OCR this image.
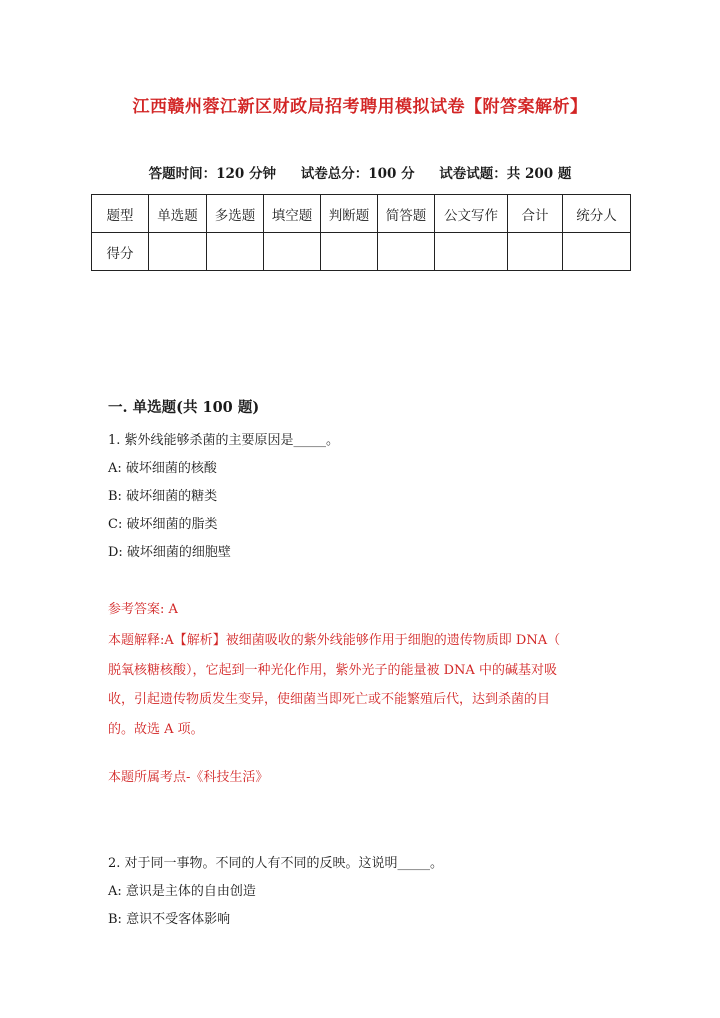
江西赣州蓉江新区财政局招考聘用模拟试卷【附答案解析】
答题时间：120 分钟 试卷总分：100 分 试卷试题：共 200 题
题型	单选题	多选题	填空题	判断题	简答题	公文写作	合计	统分人
得分								
一. 单选题(共 100 题)
1. 紫外线能够杀菌的主要原因是_____。
A: 破坏细菌的核酸
B: 破坏细菌的糖类
C: 破坏细菌的脂类
D: 破坏细菌的细胞壁
参考答案: A
本题解释:A【解析】被细菌吸收的紫外线能够作用于细胞的遗传物质即 DNA（
脱氧核糖核酸），它起到一种光化作用，紫外光子的能量被 DNA 中的碱基对吸
收，引起遗传物质发生变异，使细菌当即死亡或不能繁殖后代，达到杀菌的目
的。故选 A 项。
本题所属考点-《科技生活》
2. 对于同一事物。不同的人有不同的反映。这说明_____。
A: 意识是主体的自由创造
B: 意识不受客体影响
